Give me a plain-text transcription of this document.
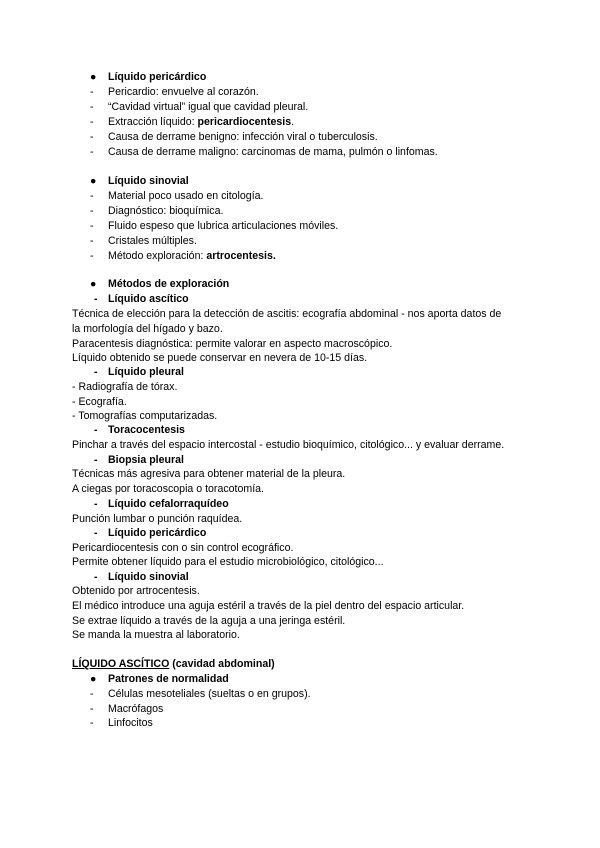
● Líquido pericárdico
- Pericardio: envuelve al corazón.
- “Cavidad virtual” igual que cavidad pleural.
- Extracción líquido: pericardiocentesis.
- Causa de derrame benigno: infección viral o tuberculosis.
- Causa de derrame maligno: carcinomas de mama, pulmón o linfomas.
● Líquido sinovial
- Material poco usado en citología.
- Diagnóstico: bioquímica.
- Fluido espeso que lubrica articulaciones móviles.
- Cristales múltiples.
- Método exploración: artrocentesis.
● Métodos de exploración
- Líquido ascítico
Técnica de elección para la detección de ascitis: ecografía abdominal - nos aporta datos de
la morfología del hígado y bazo.
Paracentesis diagnóstica: permite valorar en aspecto macroscópico.
Líquido obtenido se puede conservar en nevera de 10-15 días.
- Líquido pleural
- Radiografía de tórax.
- Ecografía.
- Tomografías computarizadas.
- Toracocentesis
Pinchar a través del espacio intercostal - estudio bioquímico, citológico... y evaluar derrame.
- Biopsia pleural
Técnicas más agresiva para obtener material de la pleura.
A ciegas por toracoscopia o toracotomía.
- Líquido cefalorraquídeo
Punción lumbar o punción raquídea.
- Líquido pericárdico
Pericardiocentesis con o sin control ecográfico.
Permite obtener líquido para el estudio microbiológico, citológico...
- Líquido sinovial
Obtenido por artrocentesis.
El médico introduce una aguja estéril a través de la piel dentro del espacio articular.
Se extrae líquido a través de la aguja a una jeringa estéril.
Se manda la muestra al laboratorio.
LÍQUIDO ASCÍTICO (cavidad abdominal)
● Patrones de normalidad
- Células mesoteliales (sueltas o en grupos).
- Macrófagos
- Linfocitos
